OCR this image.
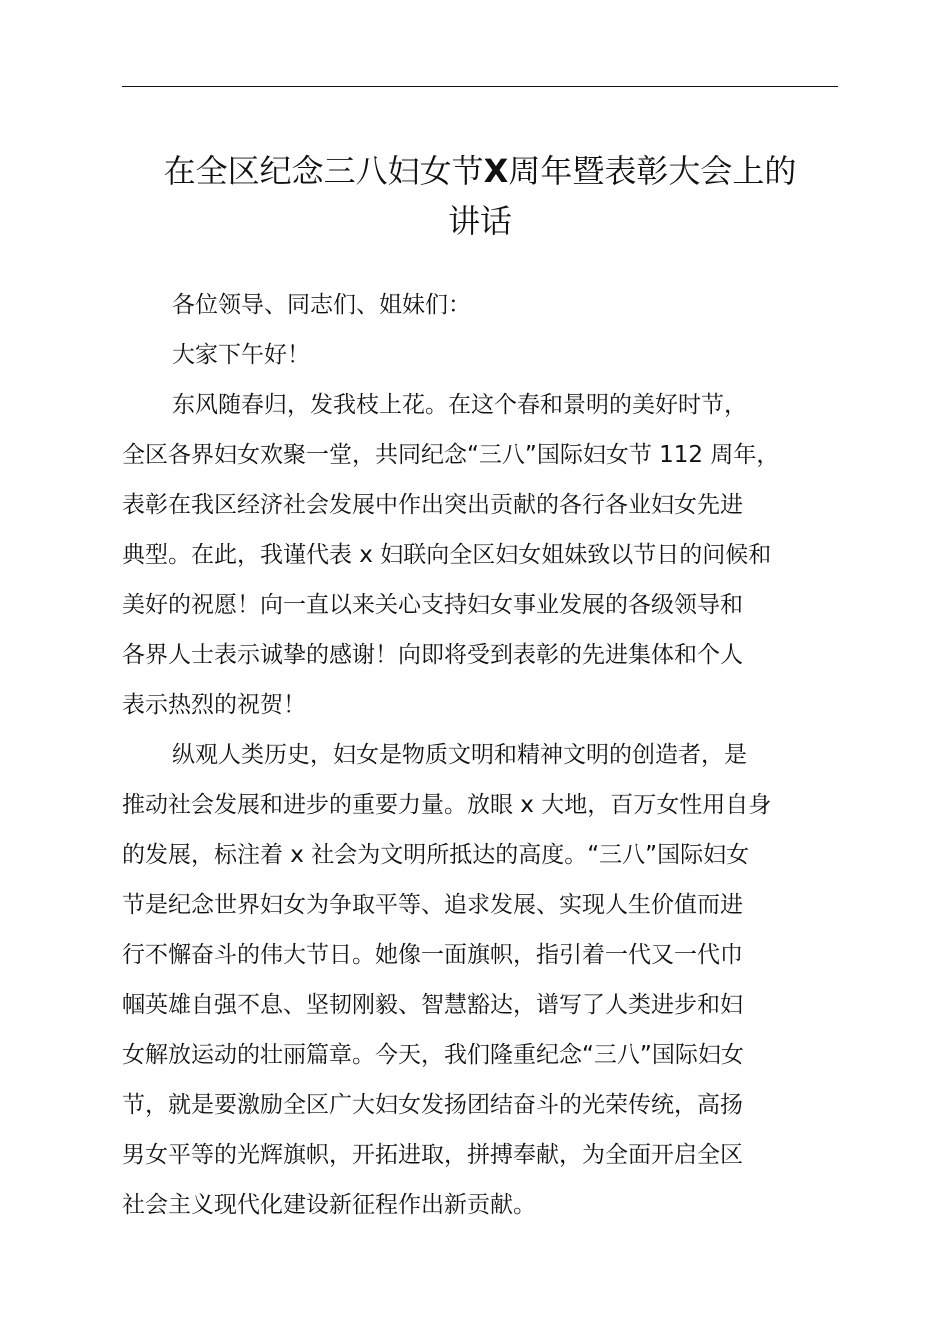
在全区纪念三八妇女节X周年暨表彰大会上的
讲话

各位领导、同志们、姐妹们：

大家下午好！

东风随春归，发我枝上花。在这个春和景明的美好时节，
全区各界妇女欢聚一堂，共同纪念“三八”国际妇女节 112 周年，
表彰在我区经济社会发展中作出突出贡献的各行各业妇女先进
典型。在此，我谨代表 x 妇联向全区妇女姐妹致以节日的问候和
美好的祝愿！向一直以来关心支持妇女事业发展的各级领导和
各界人士表示诚挚的感谢！向即将受到表彰的先进集体和个人
表示热烈的祝贺！

纵观人类历史，妇女是物质文明和精神文明的创造者，是
推动社会发展和进步的重要力量。放眼 x 大地，百万女性用自身
的发展，标注着 x 社会为文明所抵达的高度。“三八”国际妇女
节是纪念世界妇女为争取平等、追求发展、实现人生价值而进
行不懈奋斗的伟大节日。她像一面旗帜，指引着一代又一代巾
帼英雄自强不息、坚韧刚毅、智慧豁达，谱写了人类进步和妇
女解放运动的壮丽篇章。今天，我们隆重纪念“三八”国际妇女
节，就是要激励全区广大妇女发扬团结奋斗的光荣传统，高扬
男女平等的光辉旗帜，开拓进取，拼搏奉献，为全面开启全区
社会主义现代化建设新征程作出新贡献。
